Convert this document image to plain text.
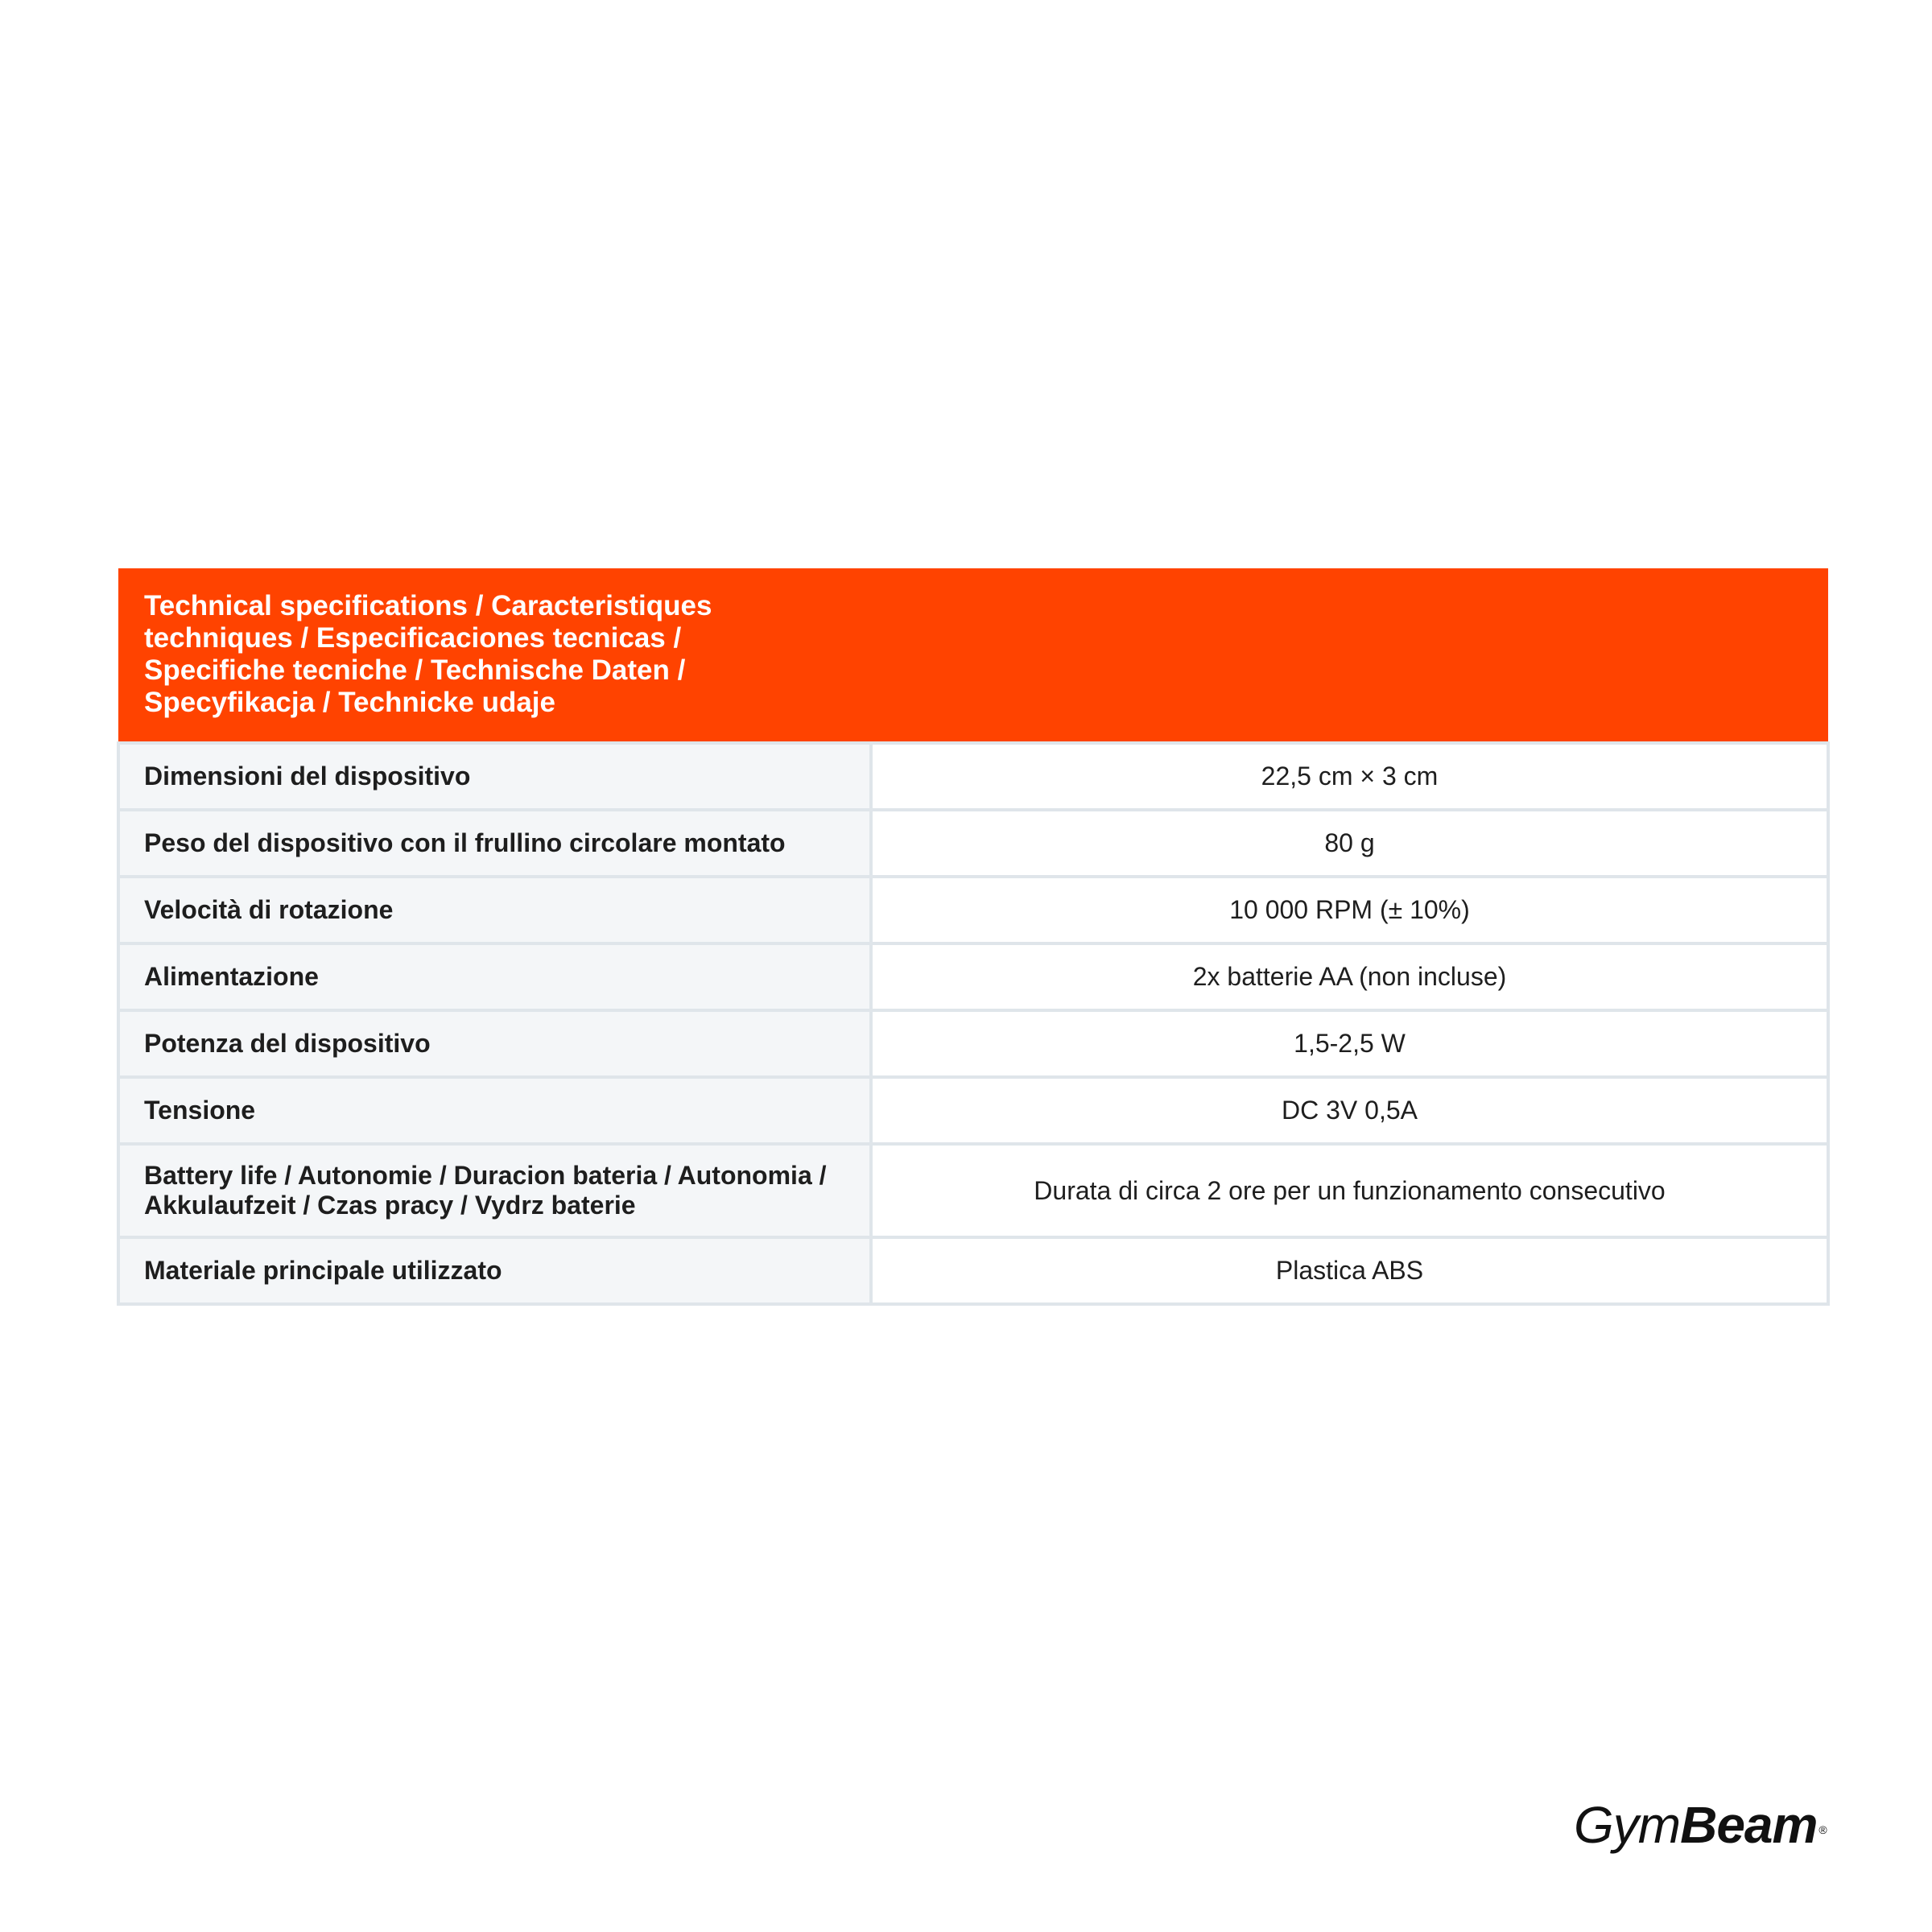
Technical specifications / Caracteristiques techniques / Especificaciones tecnicas / Specifiche tecniche / Technische Daten / Specyfikacja / Technicke udaje	

Dimensioni del dispositivo	22,5 cm × 3 cm
Peso del dispositivo con il frullino circolare montato	80 g
Velocità di rotazione	10 000 RPM (± 10%)
Alimentazione	2x batterie AA (non incluse)
Potenza del dispositivo	1,5-2,5 W
Tensione	DC 3V 0,5A
Battery life / Autonomie / Duracion bateria / Autonomia / Akkulaufzeit / Czas pracy / Vydrz baterie	Durata di circa 2 ore per un funzionamento consecutivo
Materiale principale utilizzato	Plastica ABS
GymBeam ®
